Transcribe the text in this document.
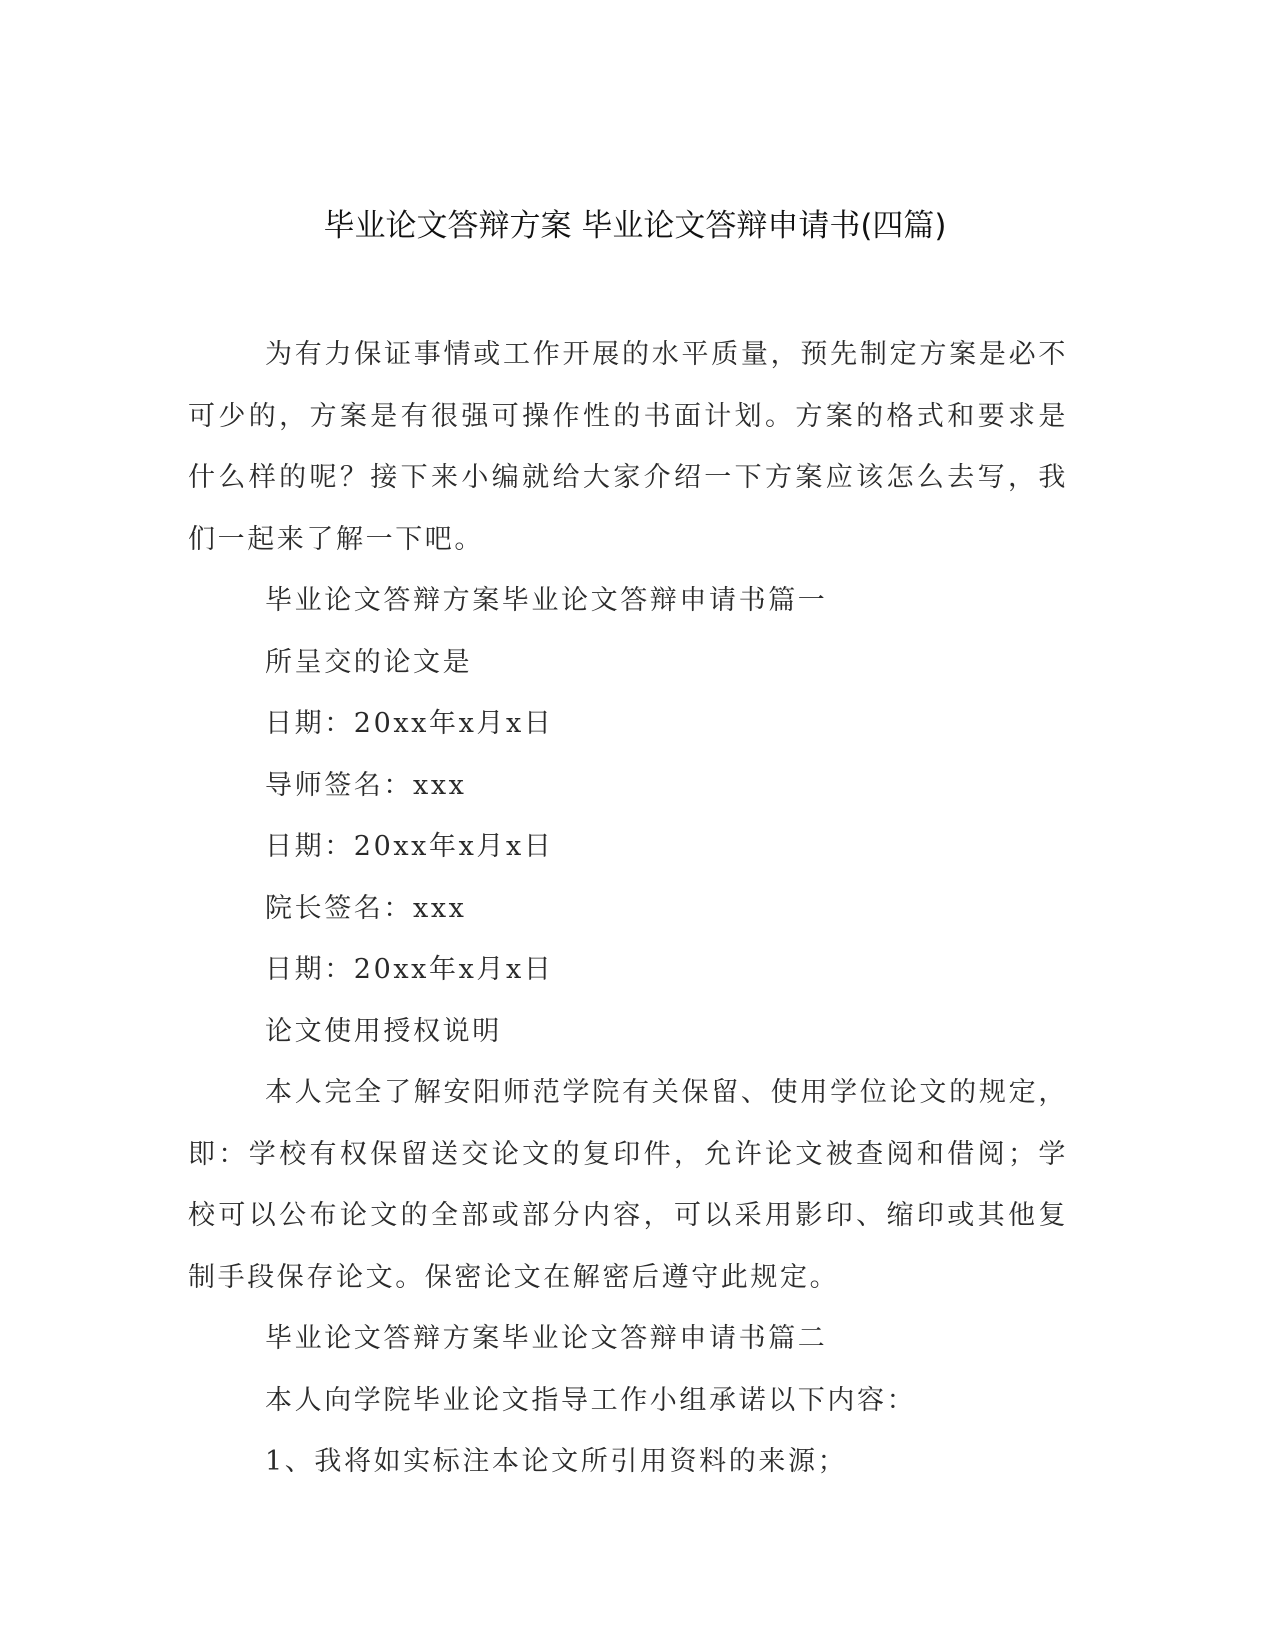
毕业论文答辩方案 毕业论文答辩申请书(四篇)

为有力保证事情或工作开展的水平质量，预先制定方案是必不可少的，方案是有很强可操作性的书面计划。方案的格式和要求是什么样的呢？接下来小编就给大家介绍一下方案应该怎么去写，我们一起来了解一下吧。

毕业论文答辩方案毕业论文答辩申请书篇一

所呈交的论文是

日期：20xx年x月x日

导师签名：xxx

日期：20xx年x月x日

院长签名：xxx

日期：20xx年x月x日

论文使用授权说明

本人完全了解安阳师范学院有关保留、使用学位论文的规定，即：学校有权保留送交论文的复印件，允许论文被查阅和借阅；学校可以公布论文的全部或部分内容，可以采用影印、缩印或其他复制手段保存论文。保密论文在解密后遵守此规定。

毕业论文答辩方案毕业论文答辩申请书篇二

本人向学院毕业论文指导工作小组承诺以下内容：

1、我将如实标注本论文所引用资料的来源；
